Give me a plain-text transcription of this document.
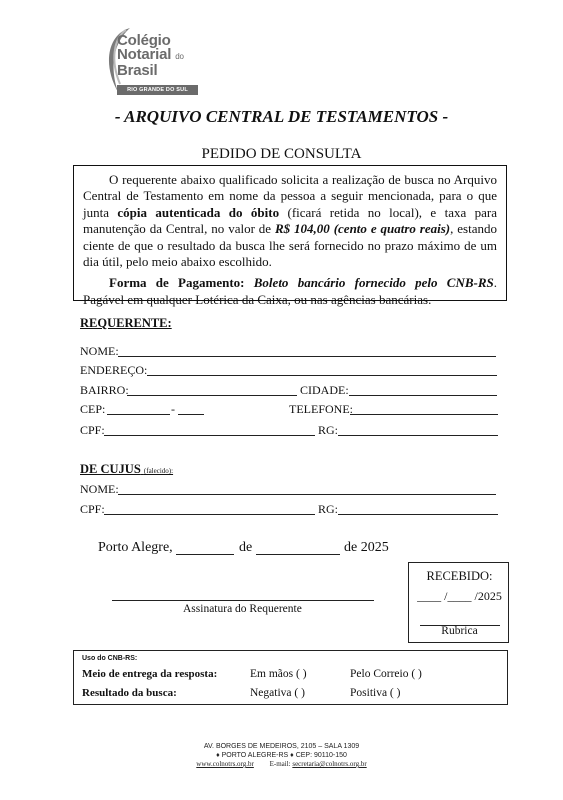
Colégio
Notarial do
Brasil
RIO GRANDE DO SUL
- ARQUIVO CENTRAL DE TESTAMENTOS -
PEDIDO DE CONSULTA

O requerente abaixo qualificado solicita a realização de busca no Arquivo Central de Testamento em nome da pessoa a seguir mencionada, para o que junta cópia autenticada do óbito (ficará retida no local), e taxa para manutenção da Central, no valor de R$ 104,00 (cento e quatro reais), estando ciente de que o resultado da busca lhe será fornecido no prazo máximo de um dia útil, pelo meio abaixo escolhido.

Forma de Pagamento: Boleto bancário fornecido pelo CNB-RS. Pagável em qualquer Lotérica da Caixa, ou nas agências bancárias.

REQUERENTE:
NOME:
ENDEREÇO:
BAIRRO:	CIDADE:
CEP:	-	TELEFONE:
CPF:	RG:
DE CUJUS (falecido):
NOME:
CPF:	RG:
Porto Alegre,	de	de 2025
Assinatura do Requerente
RECEBIDO:
____ /____ /2025
Rubrica
Uso do CNB-RS:
Meio de entrega da resposta:	Em mãos ( )	Pelo Correio ( )
Resultado da busca:	Negativa ( )	Positiva ( )
AV. BORGES DE MEDEIROS, 2105 – SALA 1309
♦ PORTO ALEGRE-RS ♦ CEP: 90110-150
www.colnotrs.org.br E-mail: secretaria@colnotrs.org.br
